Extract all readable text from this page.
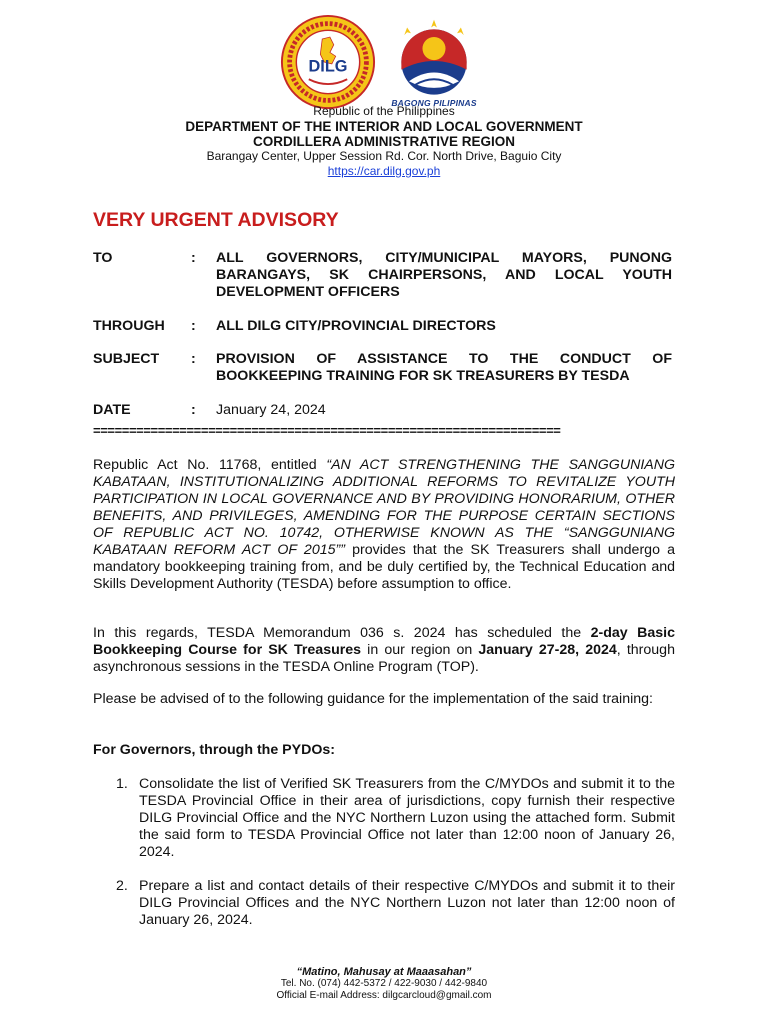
DILG
BAGONG PILIPINAS
Republic of the Philippines
DEPARTMENT OF THE INTERIOR AND LOCAL GOVERNMENT
CORDILLERA ADMINISTRATIVE REGION
Barangay Center, Upper Session Rd. Cor. North Drive, Baguio City
https://car.dilg.gov.ph
VERY URGENT ADVISORY
TO	: ALL GOVERNORS, CITY/MUNICIPAL MAYORS, PUNONG BARANGAYS, SK CHAIRPERSONS, AND LOCAL YOUTH DEVELOPMENT OFFICERS
THROUGH : ALL DILG CITY/PROVINCIAL DIRECTORS
SUBJECT : PROVISION OF ASSISTANCE TO THE CONDUCT OF BOOKKEEPING TRAINING FOR SK TREASURERS BY TESDA
DATE	: January 24, 2024
=================================================================
Republic Act No. 11768, entitled “AN ACT STRENGTHENING THE SANGGUNIANG KABATAAN, INSTITUTIONALIZING ADDITIONAL REFORMS TO REVITALIZE YOUTH PARTICIPATION IN LOCAL GOVERNANCE AND BY PROVIDING HONORARIUM, OTHER BENEFITS, AND PRIVILEGES, AMENDING FOR THE PURPOSE CERTAIN SECTIONS OF REPUBLIC ACT NO. 10742, OTHERWISE KNOWN AS THE “SANGGUNIANG KABATAAN REFORM ACT OF 2015”” provides that the SK Treasurers shall undergo a mandatory bookkeeping training from, and be duly certified by, the Technical Education and Skills Development Authority (TESDA) before assumption to office.
In this regards, TESDA Memorandum 036 s. 2024 has scheduled the 2-day Basic Bookkeeping Course for SK Treasures in our region on January 27-28, 2024, through asynchronous sessions in the TESDA Online Program (TOP).
Please be advised of to the following guidance for the implementation of the said training:
For Governors, through the PYDOs:
1. Consolidate the list of Verified SK Treasurers from the C/MYDOs and submit it to the TESDA Provincial Office in their area of jurisdictions, copy furnish their respective DILG Provincial Office and the NYC Northern Luzon using the attached form. Submit the said form to TESDA Provincial Office not later than 12:00 noon of January 26, 2024.
2. Prepare a list and contact details of their respective C/MYDOs and submit it to their DILG Provincial Offices and the NYC Northern Luzon not later than 12:00 noon of January 26, 2024.
“Matino, Mahusay at Maaasahan”
Tel. No. (074) 442-5372 / 422-9030 / 442-9840
Official E-mail Address: dilgcarcloud@gmail.com
